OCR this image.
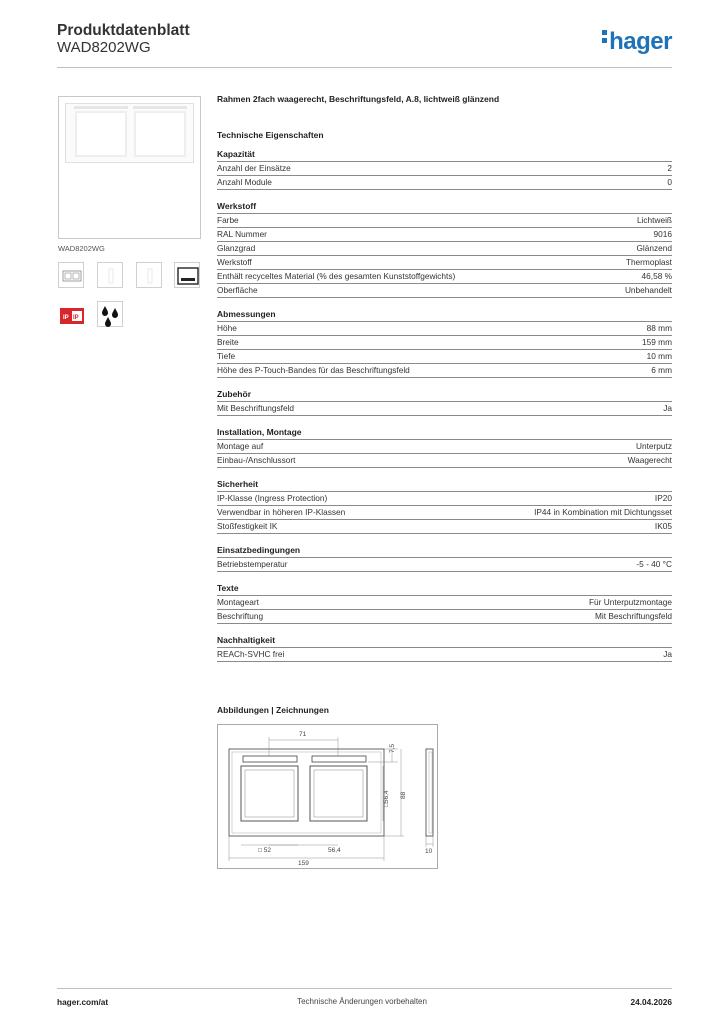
Produktdatenblatt
WAD8202WG	hager
WAD8202WG
IP IP
Rahmen 2fach waagerecht, Beschriftungsfeld, A.8, lichtweiß glänzend
Technische Eigenschaften
Kapazität
Anzahl der Einsätze	2
Anzahl Module	0
Werkstoff
Farbe	Lichtweiß
RAL Nummer	9016
Glanzgrad	Glänzend
Werkstoff	Thermoplast
Enthält recyceltes Material (% des gesamten Kunststoffgewichts)	46,58 %
Oberfläche	Unbehandelt
Abmessungen
Höhe	88 mm
Breite	159 mm
Tiefe	10 mm
Höhe des P-Touch-Bandes für das Beschriftungsfeld	6 mm
Zubehör
Mit Beschriftungsfeld	Ja
Installation, Montage
Montage auf	Unterputz
Einbau-/Anschlussort	Waagerecht
Sicherheit
IP-Klasse (Ingress Protection)	IP20
Verwendbar in höheren IP-Klassen	IP44 in Kombination mit Dichtungsset
Stoßfestigkeit IK	IK05
Einsatzbedingungen
Betriebstemperatur	-5 - 40 °C
Texte
Montageart	Für Unterputzmontage
Beschriftung	Mit Beschriftungsfeld
Nachhaltigkeit
REACh-SVHC frei	Ja
Abbildungen | Zeichnungen
71
7,5
□56,4 88
□ 52	56,4
159
10
hager.com/at	Technische Änderungen vorbehalten	24.04.2026
